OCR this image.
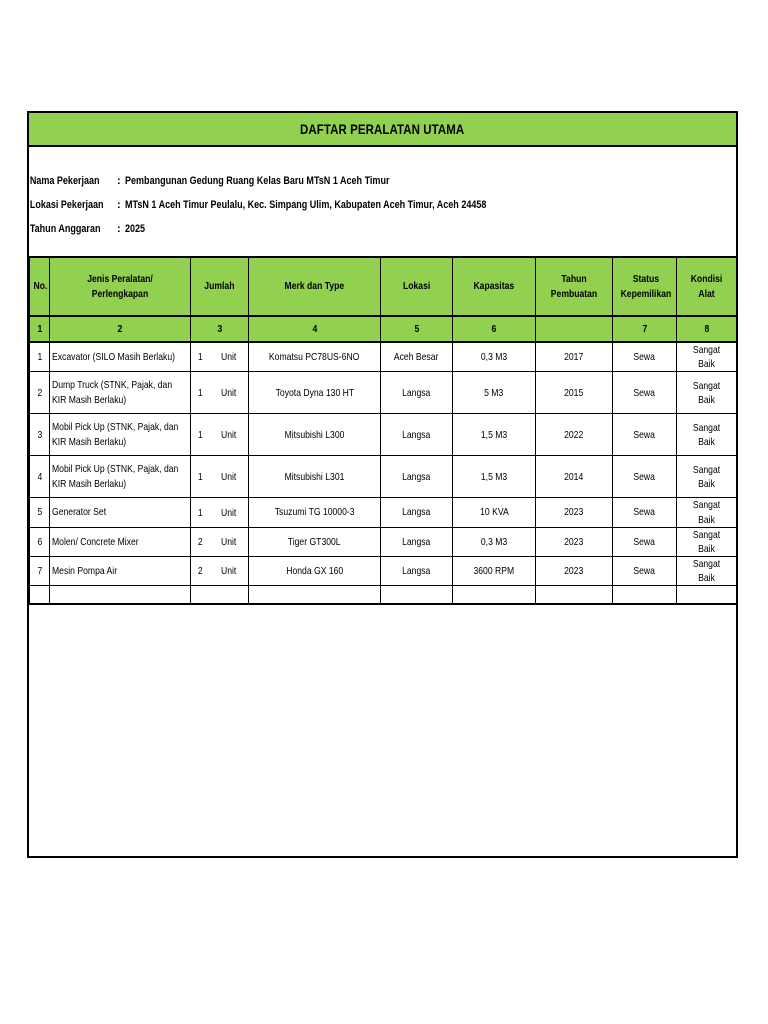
DAFTAR PERALATAN UTAMA
Nama Pekerjaan : Pembangunan Gedung Ruang Kelas Baru MTsN 1 Aceh Timur
Lokasi Pekerjaan : MTsN 1 Aceh Timur Peulalu, Kec. Simpang Ulim, Kabupaten Aceh Timur, Aceh 24458
Tahun Anggaran : 2025
No.	Jenis Peralatan/ Perlengkapan	Jumlah	Merk dan Type	Lokasi	Kapasitas	Tahun Pembuatan	Status Kepemilikan	Kondisi Alat
1	2	3	4	5	6		7	8
1	Excavator (SILO Masih Berlaku)	1 Unit	Komatsu PC78US-6NO	Aceh Besar	0,3 M3	2017	Sewa	Sangat Baik
2	Dump Truck (STNK, Pajak, dan KIR Masih Berlaku)	1 Unit	Toyota Dyna 130 HT	Langsa	5 M3	2015	Sewa	Sangat Baik
3	Mobil Pick Up (STNK, Pajak, dan KIR Masih Berlaku)	1 Unit	Mitsubishi L300	Langsa	1,5 M3	2022	Sewa	Sangat Baik
4	Mobil Pick Up (STNK, Pajak, dan KIR Masih Berlaku)	1 Unit	Mitsubishi L301	Langsa	1,5 M3	2014	Sewa	Sangat Baik
5	Generator Set	1 Unit	Tsuzumi TG 10000-3	Langsa	10 KVA	2023	Sewa	Sangat Baik
6	Molen/ Concrete Mixer	2 Unit	Tiger GT300L	Langsa	0,3 M3	2023	Sewa	Sangat Baik
7	Mesin Pompa Air	2 Unit	Honda GX 160	Langsa	3600 RPM	2023	Sewa	Sangat Baik
